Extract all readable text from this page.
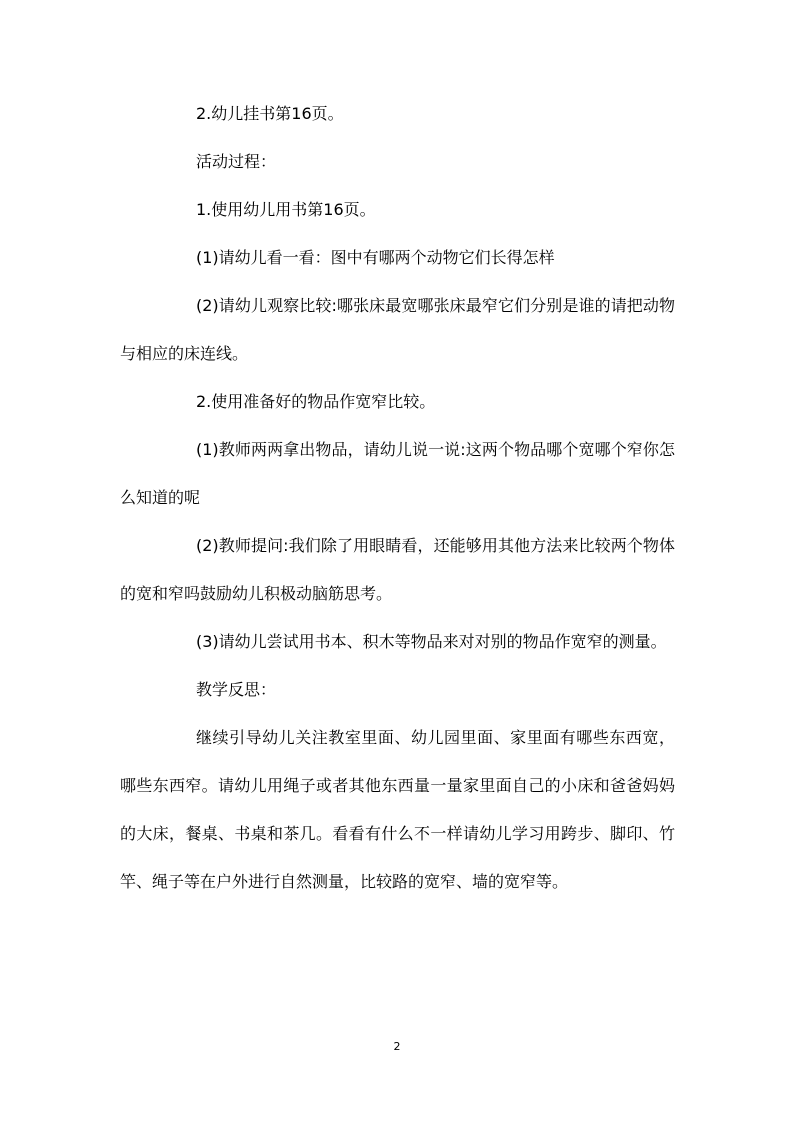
2.幼儿挂书第16页。

活动过程：

1.使用幼儿用书第16页。

(1)请幼儿看一看：图中有哪两个动物它们长得怎样

(2)请幼儿观察比较:哪张床最宽哪张床最窄它们分别是谁的请把动物与相应的床连线。

2.使用准备好的物品作宽窄比较。

(1)教师两两拿出物品，请幼儿说一说:这两个物品哪个宽哪个窄你怎么知道的呢

(2)教师提问:我们除了用眼睛看，还能够用其他方法来比较两个物体的宽和窄吗鼓励幼儿积极动脑筋思考。

(3)请幼儿尝试用书本、积木等物品来对对别的物品作宽窄的测量。

教学反思：

继续引导幼儿关注教室里面、幼儿园里面、家里面有哪些东西宽，哪些东西窄。请幼儿用绳子或者其他东西量一量家里面自己的小床和爸爸妈妈的大床，餐桌、书桌和茶几。看看有什么不一样请幼儿学习用跨步、脚印、竹竿、绳子等在户外进行自然测量，比较路的宽窄、墙的宽窄等。

2
